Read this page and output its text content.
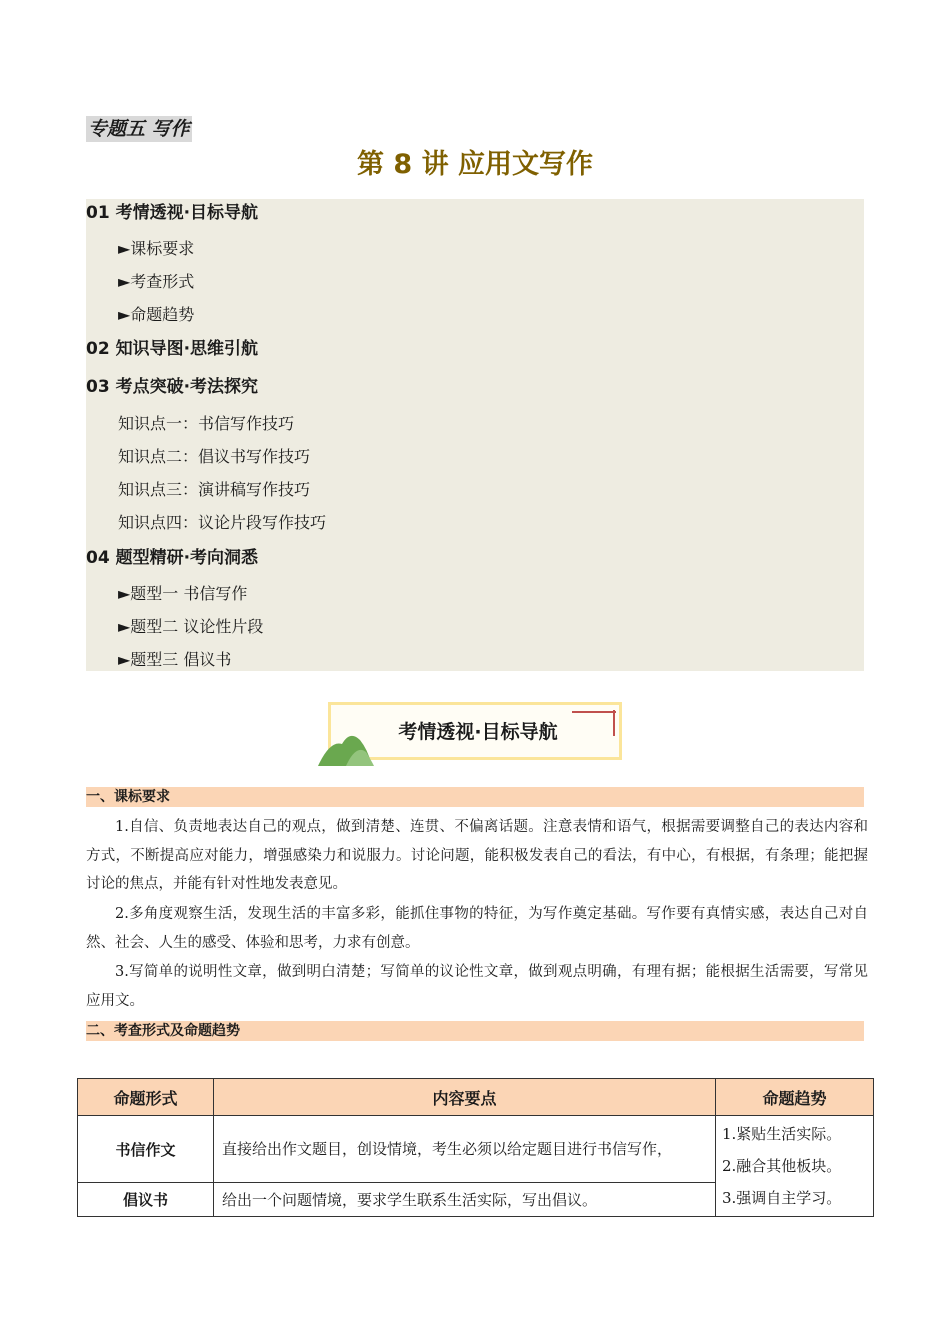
专题五 写作
第 8 讲 应用文写作
01 考情透视·目标导航
►课标要求
►考查形式
►命题趋势
02 知识导图·思维引航
03 考点突破·考法探究
知识点一：书信写作技巧
知识点二：倡议书写作技巧
知识点三：演讲稿写作技巧
知识点四：议论片段写作技巧
04 题型精研·考向洞悉
►题型一 书信写作
►题型二 议论性片段
►题型三 倡议书
考情透视·目标导航
一、课标要求
1.自信、负责地表达自己的观点，做到清楚、连贯、不偏离话题。注意表情和语气，根据需要调整自己的表达内容和方式，不断提高应对能力，增强感染力和说服力。讨论问题，能积极发表自己的看法，有中心，有根据，有条理；能把握讨论的焦点，并能有针对性地发表意见。
2.多角度观察生活，发现生活的丰富多彩，能抓住事物的特征，为写作奠定基础。写作要有真情实感，表达自己对自然、社会、人生的感受、体验和思考，力求有创意。
3.写简单的说明性文章，做到明白清楚；写简单的议论性文章，做到观点明确，有理有据；能根据生活需要，写常见应用文。
二、考查形式及命题趋势
命题形式	内容要点	命题趋势
书信作文	直接给出作文题目，创设情境，考生必须以给定题目进行书信写作，	1.紧贴生活实际。
2.融合其他板块。
3.强调自主学习。

倡议书	给出一个问题情境，要求学生联系生活实际，写出倡议。	
